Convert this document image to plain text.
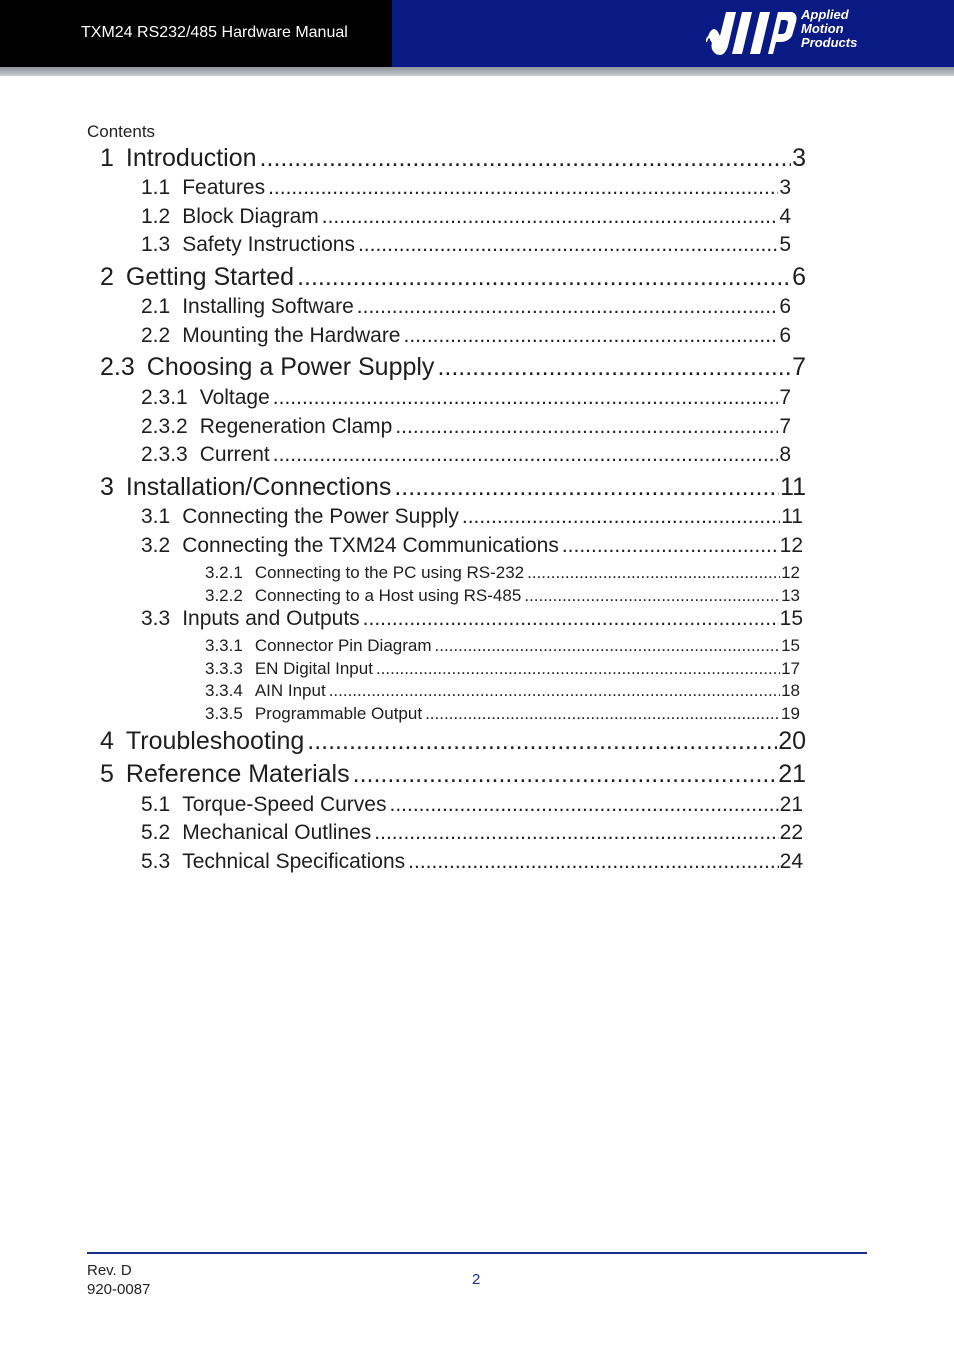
TXM24 RS232/485 Hardware Manual
Applied
Motion
Products
Contents
1 Introduction .....	3
1.1 Features .....	3
1.2 Block Diagram .....	4
1.3 Safety Instructions .....	5
2 Getting Started .....	6
2.1 Installing Software .....	6
2.2 Mounting the Hardware .....	6
2.3 Choosing a Power Supply .....	7
2.3.1 Voltage .....	7
2.3.2 Regeneration Clamp .....	7
2.3.3 Current .....	8
3 Installation/Connections .....	11
3.1 Connecting the Power Supply .....	11
3.2 Connecting the TXM24 Communications .....	12
3.2.1 Connecting to the PC using RS-232 .....	12
3.2.2 Connecting to a Host using RS-485 .....	13
3.3 Inputs and Outputs .....	15
3.3.1 Connector Pin Diagram .....	15
3.3.3 EN Digital Input .....	17
3.3.4 AIN Input .....	18
3.3.5 Programmable Output .....	19
4 Troubleshooting .....	20
5 Reference Materials .....	21
5.1 Torque-Speed Curves .....	21
5.2 Mechanical Outlines .....	22
5.3 Technical Specifications .....	24
Rev. D
920-0087
2
